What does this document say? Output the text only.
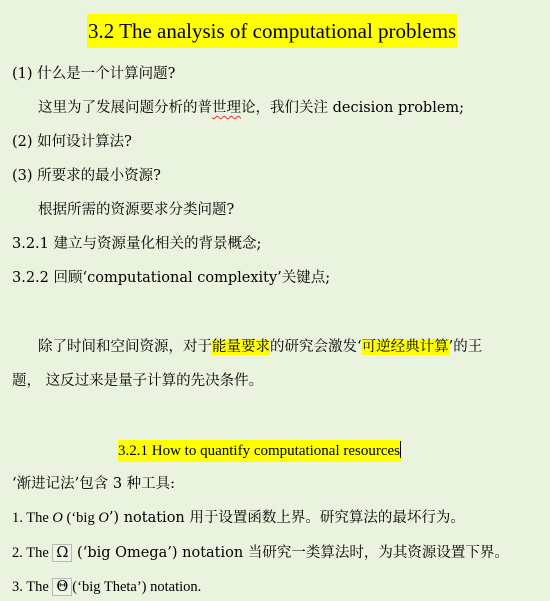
3.2 The analysis of computational problems
(1) 什么是一个计算问题?
这里为了发展问题分析的普世理论，我们关注 decision problem;
(2) 如何设计算法?
(3) 所要求的最小资源?
根据所需的资源要求分类问题?
3.2.1 建立与资源量化相关的背景概念;
3.2.2 回顾‘computational complexity’关键点;
除了时间和空间资源，对于能量要求的研究会激发‘可逆经典计算’的王
题， 这反过来是量子计算的先决条件。
3.2.1 How to quantify computational resources
‘渐进记法’包含 3 种工具:
1. The O (‘big O’) notation 用于设置函数上界。研究算法的最坏行为。
2. The Ω (‘big Omega’) notation 当研究一类算法时，为其资源设置下界。
3. The Θ (‘big Theta’) notation.
